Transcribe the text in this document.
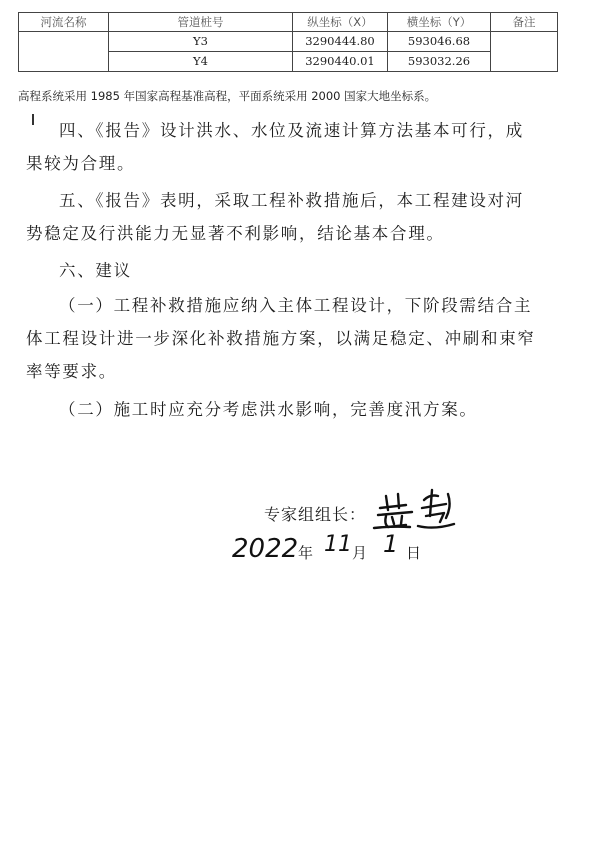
河流名称	管道桩号	纵坐标（X）	横坐标（Y）	备注
	Y3	3290444.80	593046.68	
	Y4	3290440.01	593032.26	
高程系统采用 1985 年国家高程基准高程，平面系统采用 2000 国家大地坐标系。
四、《报告》设计洪水、水位及流速计算方法基本可行，成
果较为合理。
五、《报告》表明，采取工程补救措施后，本工程建设对河
势稳定及行洪能力无显著不利影响，结论基本合理。
六、建议
（一）工程补救措施应纳入主体工程设计，下阶段需结合主
体工程设计进一步深化补救措施方案，以满足稳定、冲刷和束窄
率等要求。
（二）施工时应充分考虑洪水影响，完善度汛方案。
专家组组长：
2022 年 11 月 1 日
